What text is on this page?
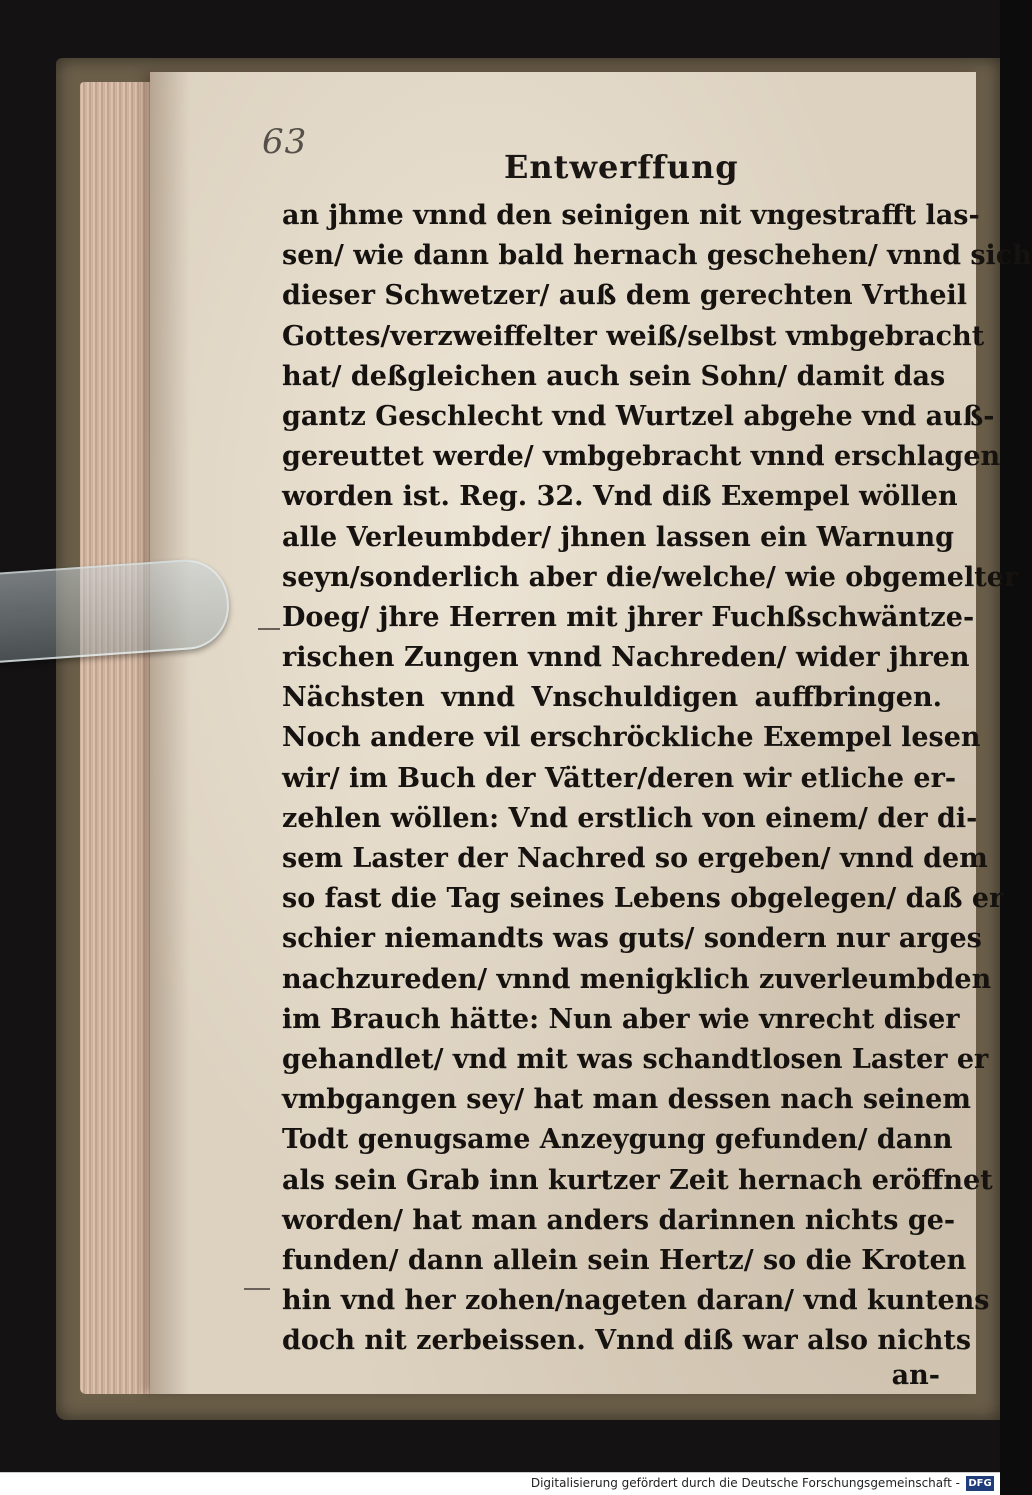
63
Entwerffung
an jhme vnnd den seinigen nit vngestrafft las-
sen/ wie dann bald hernach geschehen/ vnnd sich
dieser Schwetzer/ auß dem gerechten Vrtheil
Gottes/verzweiffelter weiß/selbst vmbgebracht
hat/ deßgleichen auch sein Sohn/ damit das
gantz Geschlecht vnd Wurtzel abgehe vnd auß-
gereuttet werde/ vmbgebracht vnnd erschlagen
worden ist. Reg. 32. Vnd diß Exempel wöllen
alle Verleumbder/ jhnen lassen ein Warnung
seyn/sonderlich aber die/welche/ wie obgemelter
Doeg/ jhre Herren mit jhrer Fuchßschwäntze-
rischen Zungen vnnd Nachreden/ wider jhren
Nächsten vnnd Vnschuldigen auffbringen.
Noch andere vil erschröckliche Exempel lesen
wir/ im Buch der Vätter/deren wir etliche er-
zehlen wöllen: Vnd erstlich von einem/ der di-
sem Laster der Nachred so ergeben/ vnnd dem
so fast die Tag seines Lebens obgelegen/ daß er
schier niemandts was guts/ sondern nur arges
nachzureden/ vnnd menigklich zuverleumbden
im Brauch hätte: Nun aber wie vnrecht diser
gehandlet/ vnd mit was schandtlosen Laster er
vmbgangen sey/ hat man dessen nach seinem
Todt genugsame Anzeygung gefunden/ dann
als sein Grab inn kurtzer Zeit hernach eröffnet
worden/ hat man anders darinnen nichts ge-
funden/ dann allein sein Hertz/ so die Kroten
hin vnd her zohen/nageten daran/ vnd kuntens
doch nit zerbeissen. Vnnd diß war also nichts
an-
Digitalisierung gefördert durch die Deutsche Forschungsgemeinschaft - DFG
